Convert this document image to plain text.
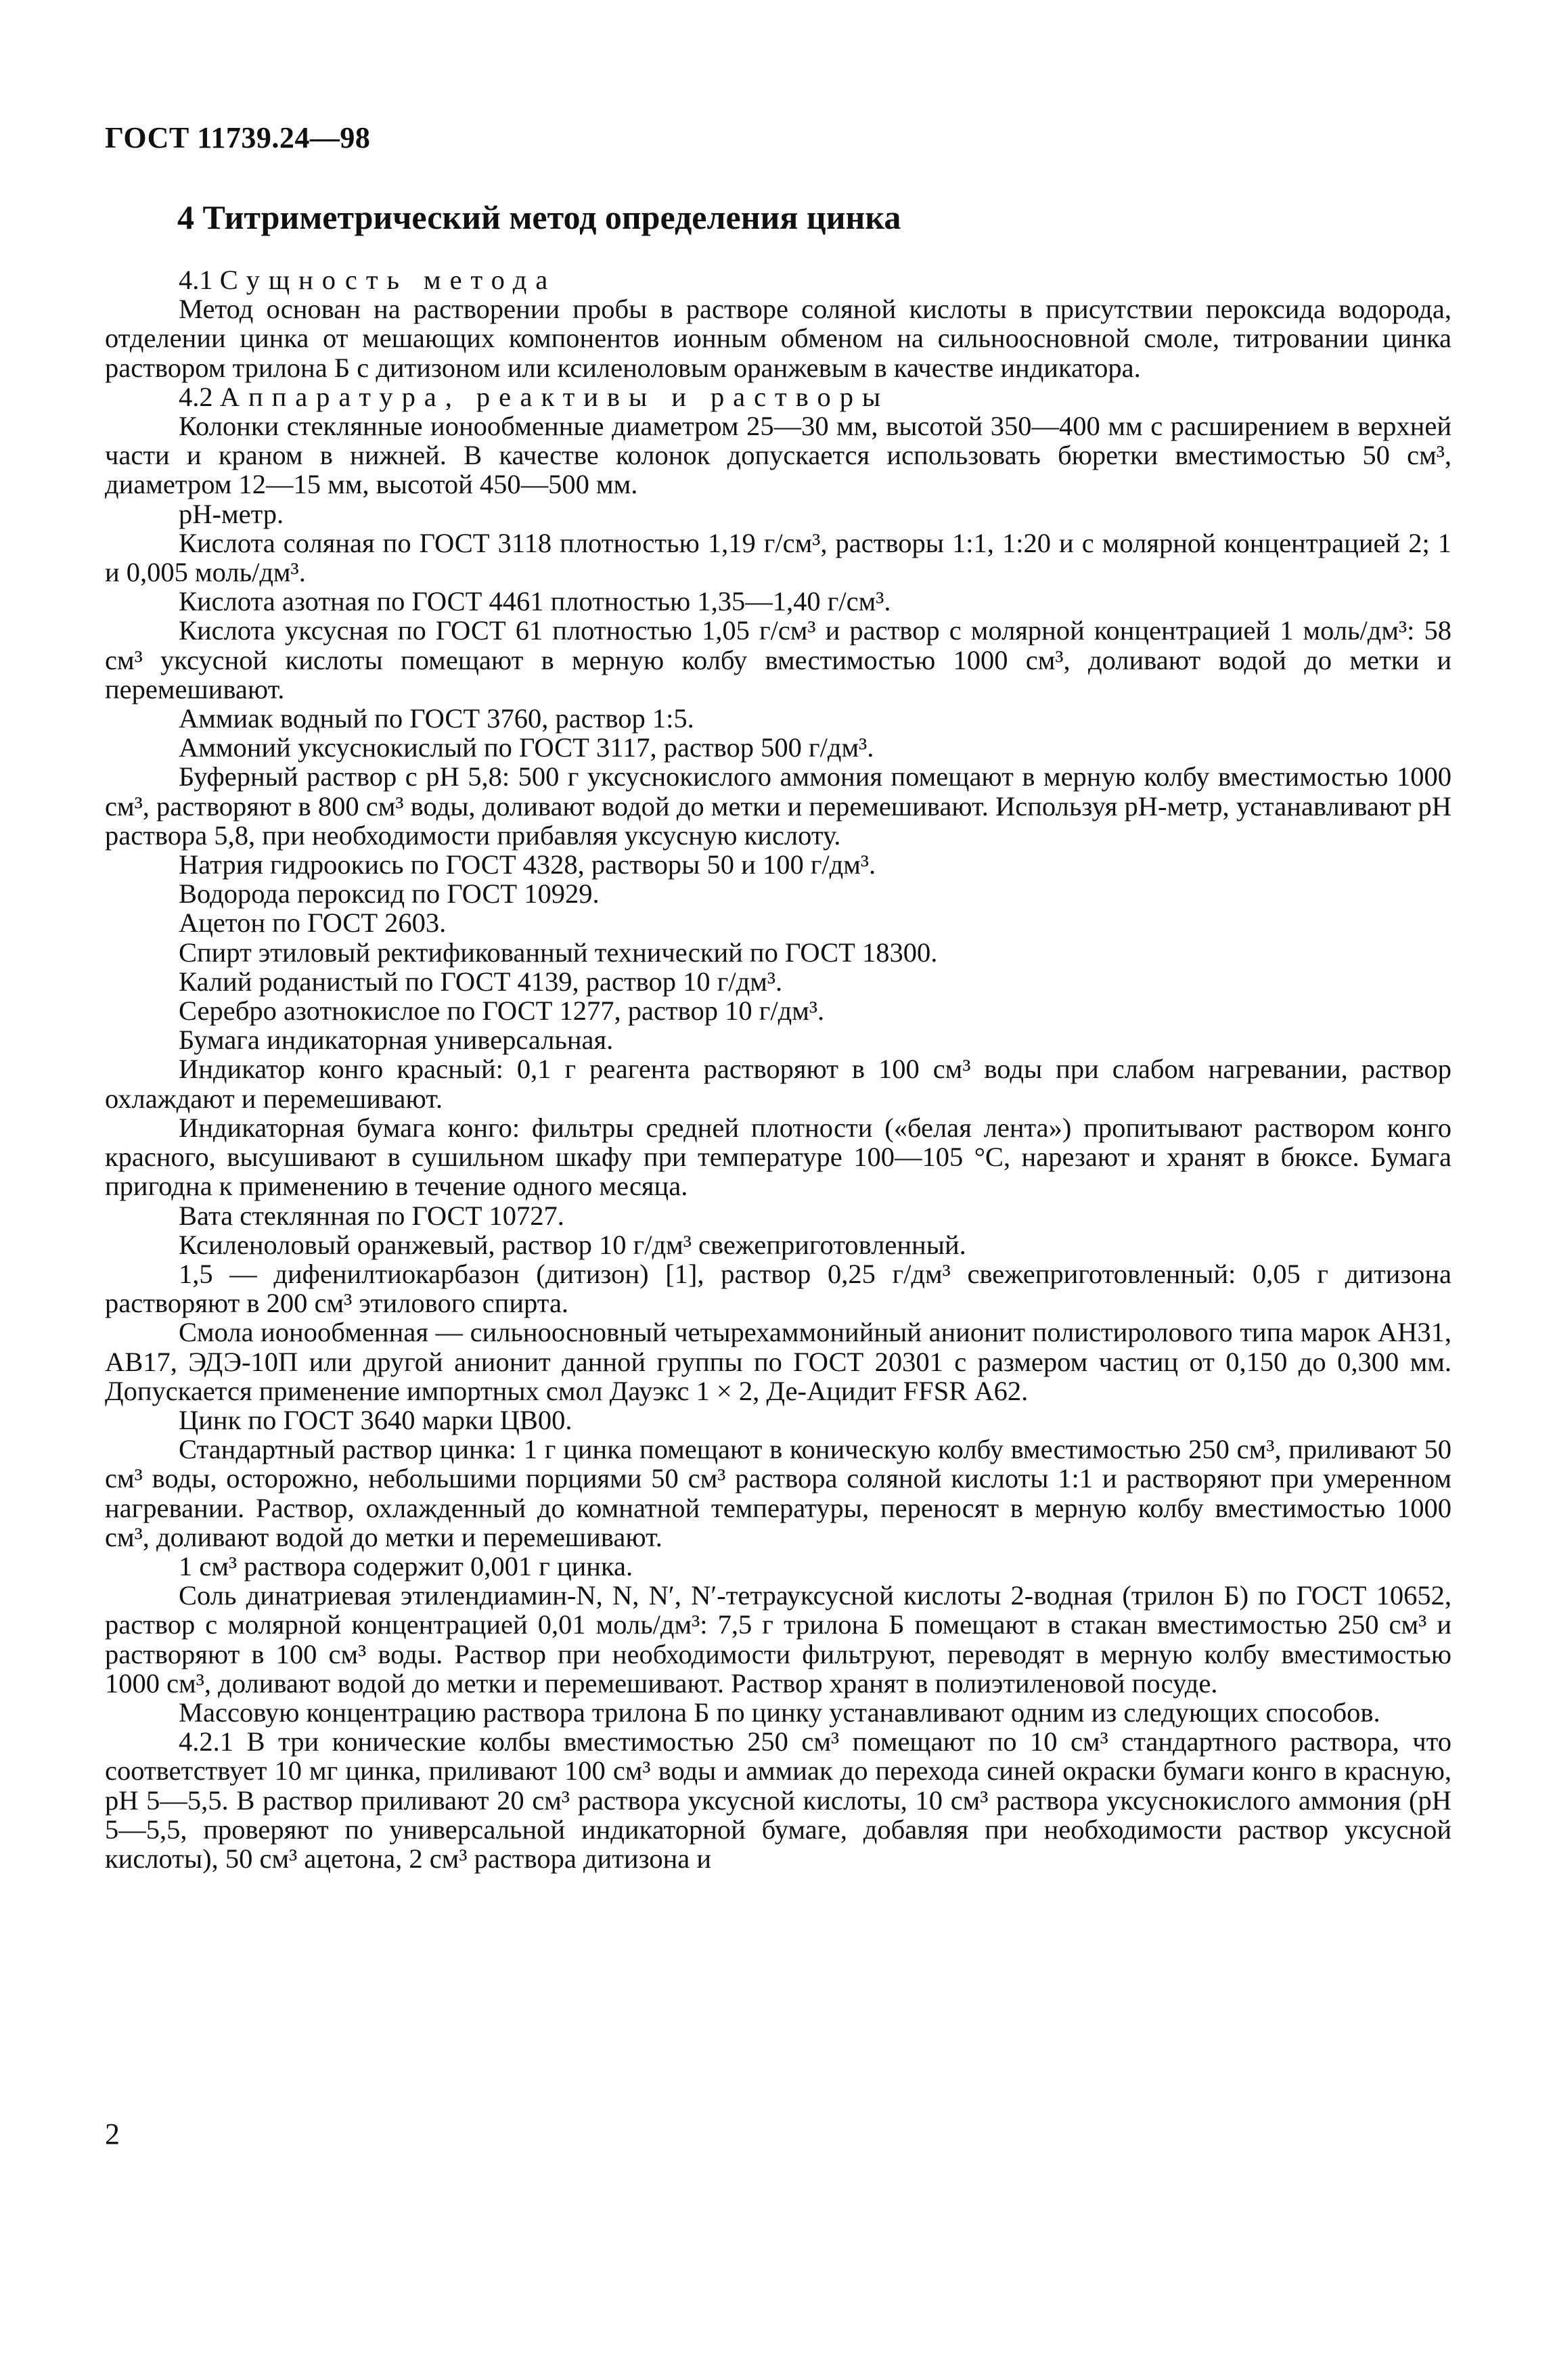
ГОСТ 11739.24—98
4 Титриметрический метод определения цинка

4.1 Сущность метода

Метод основан на растворении пробы в растворе соляной кислоты в присутствии пероксида водорода, отделении цинка от мешающих компонентов ионным обменом на сильноосновной смоле, титровании цинка раствором трилона Б с дитизоном или ксиленоловым оранжевым в качестве индикатора.

4.2 Аппаратура, реактивы и растворы

Колонки стеклянные ионообменные диаметром 25—30 мм, высотой 350—400 мм с расширением в верхней части и краном в нижней. В качестве колонок допускается использовать бюретки вместимостью 50 см³, диаметром 12—15 мм, высотой 450—500 мм.

pH-метр.

Кислота соляная по ГОСТ 3118 плотностью 1,19 г/см³, растворы 1:1, 1:20 и с молярной концентрацией 2; 1 и 0,005 моль/дм³.

Кислота азотная по ГОСТ 4461 плотностью 1,35—1,40 г/см³.

Кислота уксусная по ГОСТ 61 плотностью 1,05 г/см³ и раствор с молярной концентрацией 1 моль/дм³: 58 см³ уксусной кислоты помещают в мерную колбу вместимостью 1000 см³, доливают водой до метки и перемешивают.

Аммиак водный по ГОСТ 3760, раствор 1:5.

Аммоний уксуснокислый по ГОСТ 3117, раствор 500 г/дм³.

Буферный раствор с pH 5,8: 500 г уксуснокислого аммония помещают в мерную колбу вместимостью 1000 см³, растворяют в 800 см³ воды, доливают водой до метки и перемешивают. Используя pH-метр, устанавливают pH раствора 5,8, при необходимости прибавляя уксусную кислоту.

Натрия гидроокись по ГОСТ 4328, растворы 50 и 100 г/дм³.

Водорода пероксид по ГОСТ 10929.

Ацетон по ГОСТ 2603.

Спирт этиловый ректификованный технический по ГОСТ 18300.

Калий роданистый по ГОСТ 4139, раствор 10 г/дм³.

Серебро азотнокислое по ГОСТ 1277, раствор 10 г/дм³.

Бумага индикаторная универсальная.

Индикатор конго красный: 0,1 г реагента растворяют в 100 см³ воды при слабом нагревании, раствор охлаждают и перемешивают.

Индикаторная бумага конго: фильтры средней плотности («белая лента») пропитывают раствором конго красного, высушивают в сушильном шкафу при температуре 100—105 °С, нарезают и хранят в бюксе. Бумага пригодна к применению в течение одного месяца.

Вата стеклянная по ГОСТ 10727.

Ксиленоловый оранжевый, раствор 10 г/дм³ свежеприготовленный.

1,5 — дифенилтиокарбазон (дитизон) [1], раствор 0,25 г/дм³ свежеприготовленный: 0,05 г дитизона растворяют в 200 см³ этилового спирта.

Смола ионообменная — сильноосновный четырехаммонийный анионит полистиролового типа марок АН31, АВ17, ЭДЭ-10П или другой анионит данной группы по ГОСТ 20301 с размером частиц от 0,150 до 0,300 мм. Допускается применение импортных смол Дауэкс 1 × 2, Де-Ацидит FFSR А62.

Цинк по ГОСТ 3640 марки ЦВ00.

Стандартный раствор цинка: 1 г цинка помещают в коническую колбу вместимостью 250 см³, приливают 50 см³ воды, осторожно, небольшими порциями 50 см³ раствора соляной кислоты 1:1 и растворяют при умеренном нагревании. Раствор, охлажденный до комнатной температуры, переносят в мерную колбу вместимостью 1000 см³, доливают водой до метки и перемешивают.

1 см³ раствора содержит 0,001 г цинка.

Соль динатриевая этилендиамин-N, N, N′, N′-тетрауксусной кислоты 2-водная (трилон Б) по ГОСТ 10652, раствор с молярной концентрацией 0,01 моль/дм³: 7,5 г трилона Б помещают в стакан вместимостью 250 см³ и растворяют в 100 см³ воды. Раствор при необходимости фильтруют, переводят в мерную колбу вместимостью 1000 см³, доливают водой до метки и перемешивают. Раствор хранят в полиэтиленовой посуде.

Массовую концентрацию раствора трилона Б по цинку устанавливают одним из следующих способов.

4.2.1 В три конические колбы вместимостью 250 см³ помещают по 10 см³ стандартного раствора, что соответствует 10 мг цинка, приливают 100 см³ воды и аммиак до перехода синей окраски бумаги конго в красную, pH 5—5,5. В раствор приливают 20 см³ раствора уксусной кислоты, 10 см³ раствора уксуснокислого аммония (pH 5—5,5, проверяют по универсальной индикаторной бумаге, добавляя при необходимости раствор уксусной кислоты), 50 см³ ацетона, 2 см³ раствора дитизона и

2
